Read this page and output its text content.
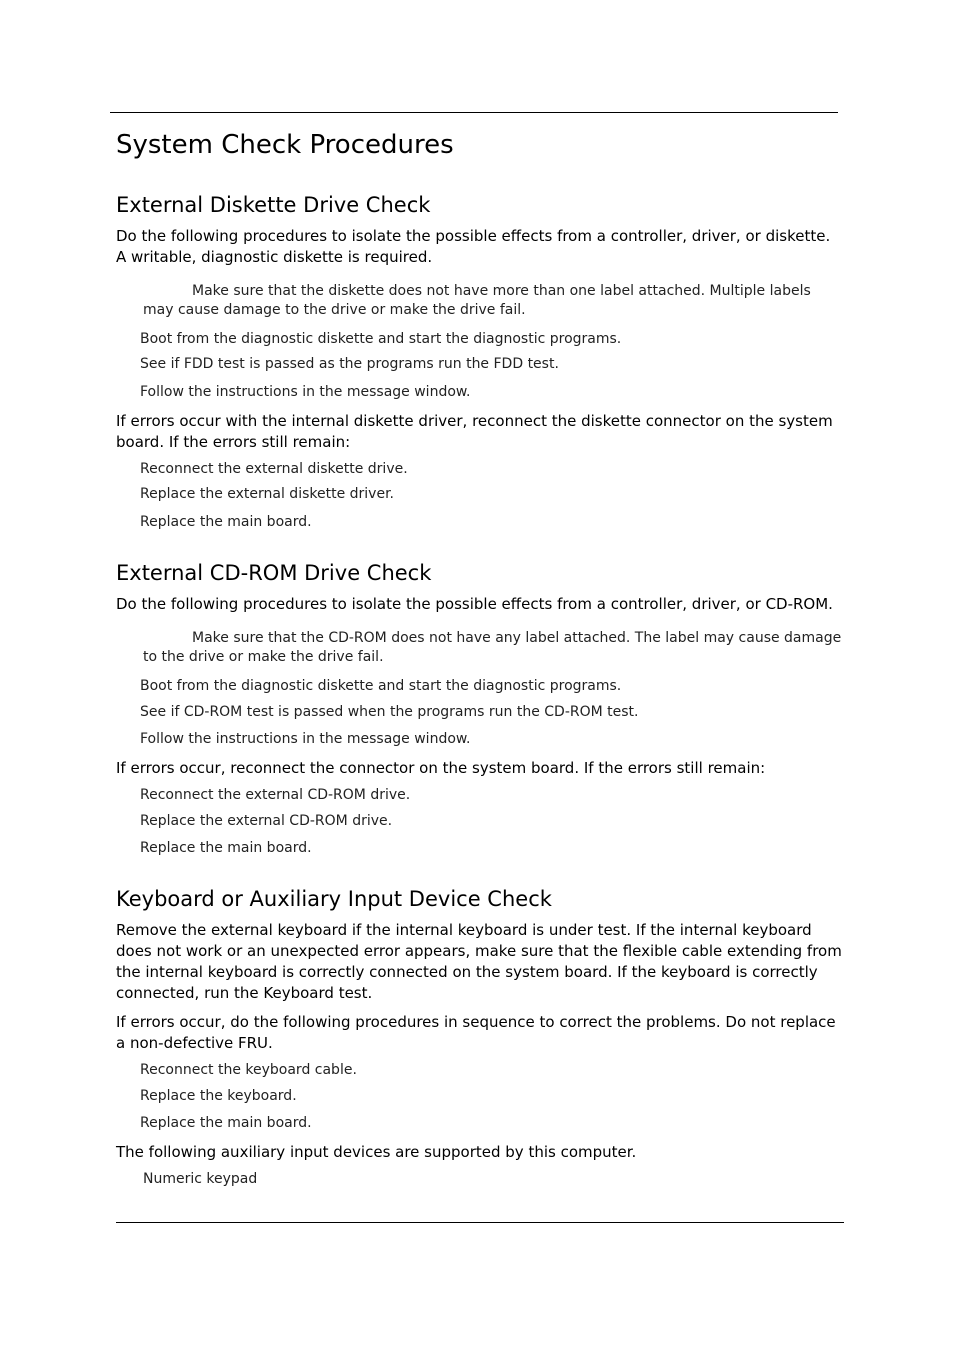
System Check Procedures
External Diskette Drive Check

Do the following procedures to isolate the possible effects from a controller, driver, or diskette. A writable, diagnostic diskette is required.

Make sure that the diskette does not have more than one label attached. Multiple labels may cause damage to the drive or make the drive fail.

Boot from the diagnostic diskette and start the diagnostic programs.
See if FDD test is passed as the programs run the FDD test.
Follow the instructions in the message window.

If errors occur with the internal diskette driver, reconnect the diskette connector on the system board. If the errors still remain:

Reconnect the external diskette drive.
Replace the external diskette driver.
Replace the main board.
External CD-ROM Drive Check

Do the following procedures to isolate the possible effects from a controller, driver, or CD-ROM.

Make sure that the CD-ROM does not have any label attached. The label may cause damage to the drive or make the drive fail.

Boot from the diagnostic diskette and start the diagnostic programs.
See if CD-ROM test is passed when the programs run the CD-ROM test.
Follow the instructions in the message window.

If errors occur, reconnect the connector on the system board. If the errors still remain:

Reconnect the external CD-ROM drive.
Replace the external CD-ROM drive.
Replace the main board.
Keyboard or Auxiliary Input Device Check

Remove the external keyboard if the internal keyboard is under test. If the internal keyboard does not work or an unexpected error appears, make sure that the flexible cable extending from the internal keyboard is correctly connected on the system board. If the keyboard is correctly connected, run the Keyboard test.

If errors occur, do the following procedures in sequence to correct the problems. Do not replace a non-defective FRU.

Reconnect the keyboard cable.
Replace the keyboard.
Replace the main board.

The following auxiliary input devices are supported by this computer.

Numeric keypad
